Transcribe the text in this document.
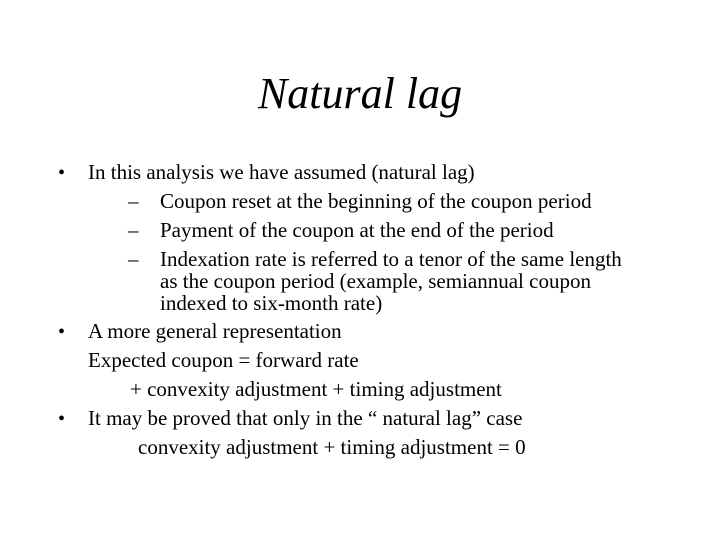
Natural lag
• In this analysis we have assumed (natural lag)
– Coupon reset at the beginning of the coupon period
– Payment of the coupon at the end of the period
– Indexation rate is referred to a tenor of the same length
as the coupon period (example, semiannual coupon
indexed to six-month rate)
• A more general representation
Expected coupon = forward rate
+ convexity adjustment + timing adjustment
• It may be proved that only in the “ natural lag” case
convexity adjustment + timing adjustment = 0
